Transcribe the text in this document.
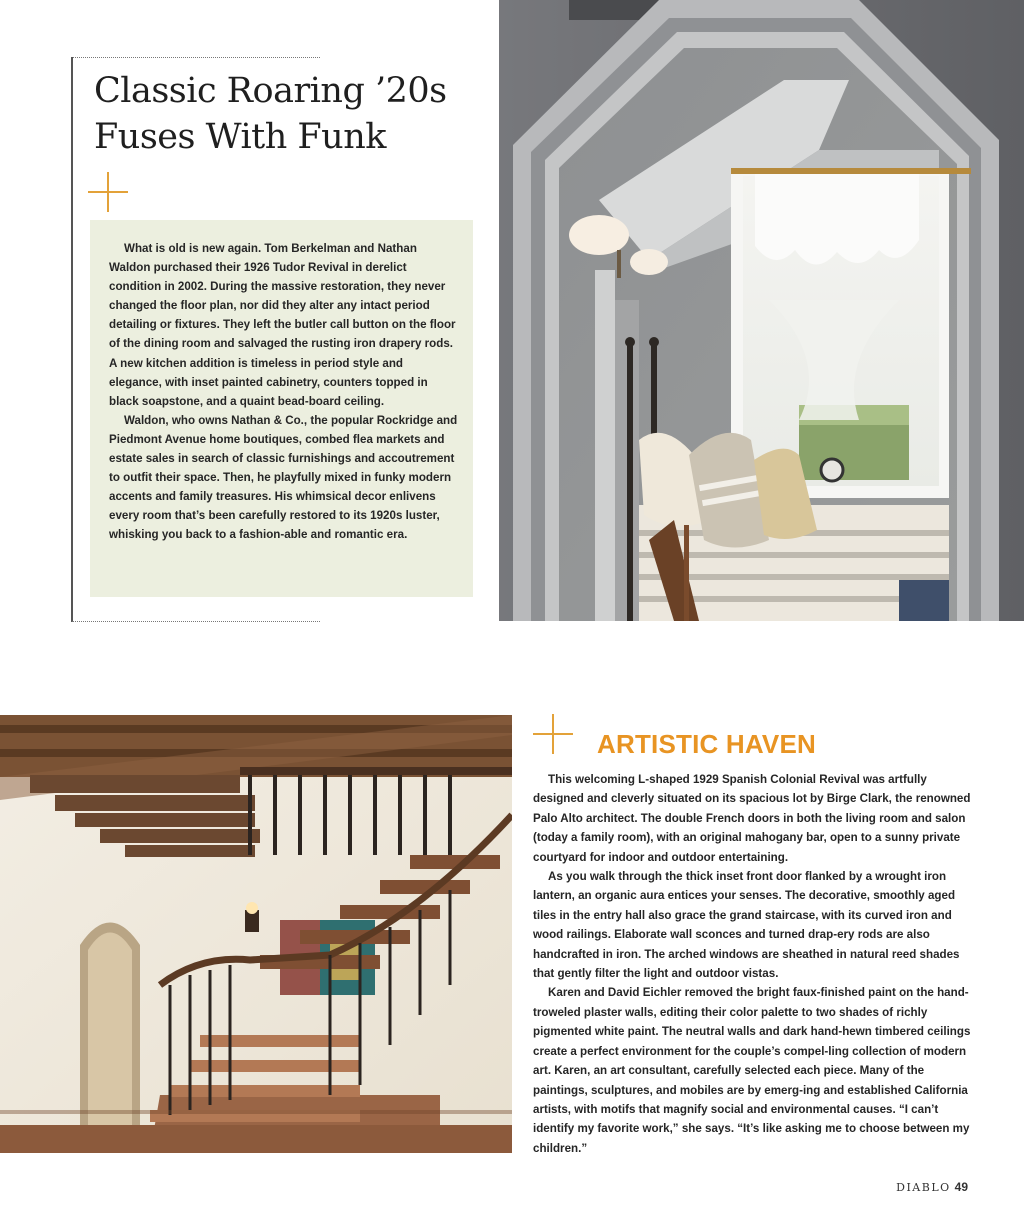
Classic Roaring ’20s
Fuses With Funk

What is old is new again. Tom Berkelman and Nathan Waldon purchased their 1926 Tudor Revival in derelict condition in 2002. During the massive restoration, they never changed the floor plan, nor did they alter any intact period detailing or fixtures. They left the butler call button on the floor of the dining room and salvaged the rusting iron drapery rods. A new kitchen addition is timeless in period style and elegance, with inset painted cabinetry, counters topped in black soapstone, and a quaint bead-board ceiling.

Waldon, who owns Nathan & Co., the popular Rockridge and Piedmont Avenue home boutiques, combed flea markets and estate sales in search of classic furnishings and accoutrement to outfit their space. Then, he playfully mixed in funky modern accents and family treasures. His whimsical decor enlivens every room that’s been carefully restored to its 1920s luster, whisking you back to a fashion-able and romantic era.

ARTISTIC HAVEN

This welcoming L-shaped 1929 Spanish Colonial Revival was artfully designed and cleverly situated on its spacious lot by Birge Clark, the renowned Palo Alto architect. The double French doors in both the living room and salon (today a family room), with an original mahogany bar, open to a sunny private courtyard for indoor and outdoor entertaining.

As you walk through the thick inset front door flanked by a wrought iron lantern, an organic aura entices your senses. The decorative, smoothly aged tiles in the entry hall also grace the grand staircase, with its curved iron and wood railings. Elaborate wall sconces and turned drap-ery rods are also handcrafted in iron. The arched windows are sheathed in natural reed shades that gently filter the light and outdoor vistas.

Karen and David Eichler removed the bright faux-finished paint on the hand-troweled plaster walls, editing their color palette to two shades of richly pigmented white paint. The neutral walls and dark hand-hewn timbered ceilings create a perfect environment for the couple’s compel-ling collection of modern art. Karen, an art consultant, carefully selected each piece. Many of the paintings, sculptures, and mobiles are by emerg-ing and established California artists, with motifs that magnify social and environmental causes. “I can’t identify my favorite work,” she says. “It’s like asking me to choose between my children.”

DIABLO 49
